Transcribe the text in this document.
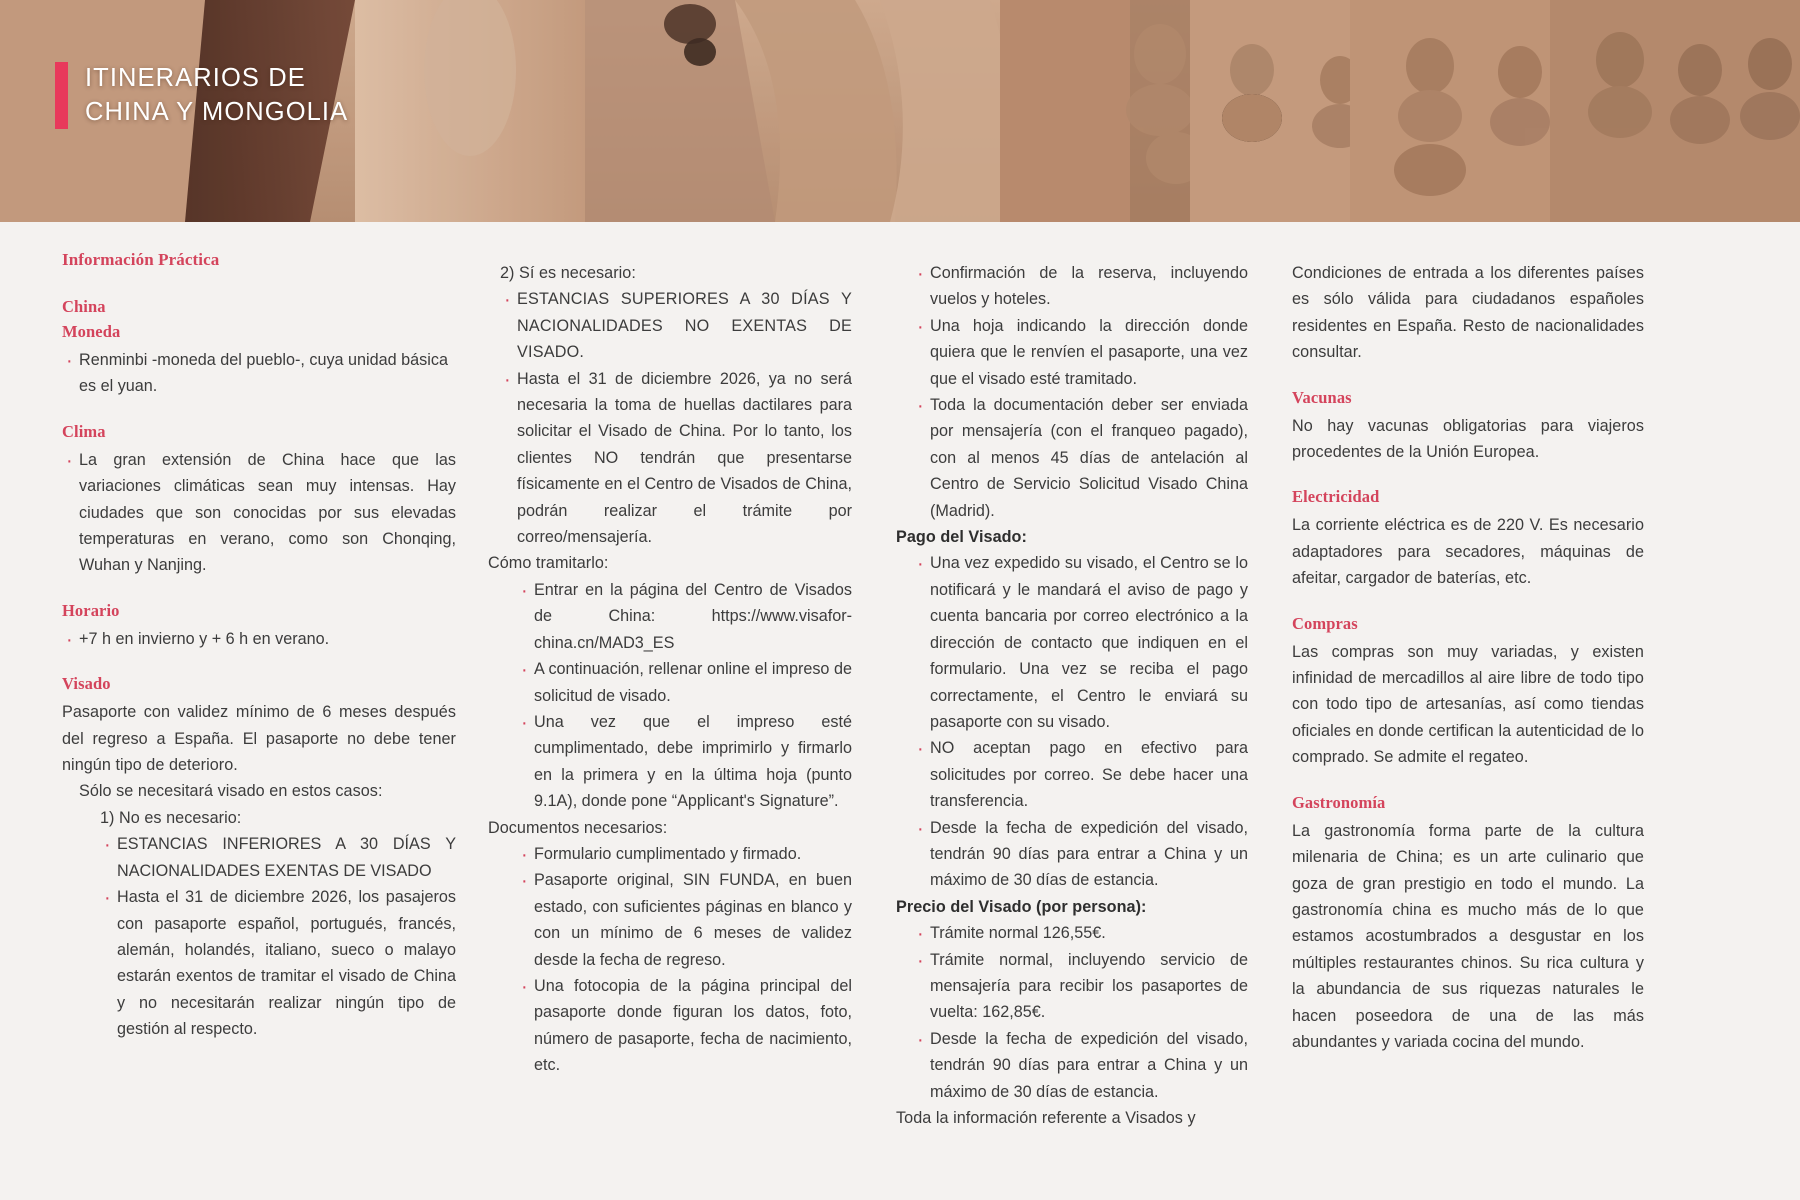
ITINERARIOS DE
CHINA Y MONGOLIA
Información Práctica
China
Moneda
· Renminbi -moneda del pueblo-, cuya unidad básica es el yuan.
Clima
· La gran extensión de China hace que las variaciones climáticas sean muy intensas. Hay ciudades que son conocidas por sus elevadas temperaturas en verano, como son Chonqing, Wuhan y Nanjing.
Horario
· +7 h en invierno y + 6 h en verano.
Visado
Pasaporte con validez mínimo de 6 meses después del regreso a España. El pasaporte no debe tener ningún tipo de deterioro.
Sólo se necesitará visado en estos casos:
1) No es necesario:
· ESTANCIAS INFERIORES A 30 DÍAS Y NACIONALIDADES EXENTAS DE VISADO
· Hasta el 31 de diciembre 2026, los pasajeros con pasaporte español, portugués, francés, alemán, holandés, italiano, sueco o malayo estarán exentos de tramitar el visado de China y no necesitarán realizar ningún tipo de gestión al respecto.
2) Sí es necesario:
· ESTANCIAS SUPERIORES A 30 DÍAS Y NACIONALIDADES NO EXENTAS DE VISADO.
· Hasta el 31 de diciembre 2026, ya no será necesaria la toma de huellas dactilares para solicitar el Visado de China. Por lo tanto, los clientes NO tendrán que presentarse físicamente en el Centro de Visados de China, podrán realizar el trámite por correo/mensajería.
Cómo tramitarlo:
· Entrar en la página del Centro de Visados de China: https://www.visafor-china.cn/MAD3_ES
· A continuación, rellenar online el impreso de solicitud de visado.
· Una vez que el impreso esté cumplimentado, debe imprimirlo y firmarlo en la primera y en la última hoja (punto 9.1A), donde pone “Applicant's Signature”.
Documentos necesarios:
· Formulario cumplimentado y firmado.
· Pasaporte original, SIN FUNDA, en buen estado, con suficientes páginas en blanco y con un mínimo de 6 meses de validez desde la fecha de regreso.
· Una fotocopia de la página principal del pasaporte donde figuran los datos, foto, número de pasaporte, fecha de nacimiento, etc.
· Confirmación de la reserva, incluyendo vuelos y hoteles.
· Una hoja indicando la dirección donde quiera que le renvíen el pasaporte, una vez que el visado esté tramitado.
· Toda la documentación deber ser enviada por mensajería (con el franqueo pagado), con al menos 45 días de antelación al Centro de Servicio Solicitud Visado China (Madrid).
Pago del Visado:
· Una vez expedido su visado, el Centro se lo notificará y le mandará el aviso de pago y cuenta bancaria por correo electrónico a la dirección de contacto que indiquen en el formulario. Una vez se reciba el pago correctamente, el Centro le enviará su pasaporte con su visado.
· NO aceptan pago en efectivo para solicitudes por correo. Se debe hacer una transferencia.
· Desde la fecha de expedición del visado, tendrán 90 días para entrar a China y un máximo de 30 días de estancia.
Precio del Visado (por persona):
· Trámite normal 126,55€.
· Trámite normal, incluyendo servicio de mensajería para recibir los pasaportes de vuelta: 162,85€.
· Desde la fecha de expedición del visado, tendrán 90 días para entrar a China y un máximo de 30 días de estancia.
Toda la información referente a Visados y
Condiciones de entrada a los diferentes países es sólo válida para ciudadanos españoles residentes en España. Resto de nacionalidades consultar.
Vacunas
No hay vacunas obligatorias para viajeros procedentes de la Unión Europea.
Electricidad
La corriente eléctrica es de 220 V. Es necesario adaptadores para secadores, máquinas de afeitar, cargador de baterías, etc.
Compras
Las compras son muy variadas, y existen infinidad de mercadillos al aire libre de todo tipo con todo tipo de artesanías, así como tiendas oficiales en donde certifican la autenticidad de lo comprado. Se admite el regateo.
Gastronomía
La gastronomía forma parte de la cultura milenaria de China; es un arte culinario que goza de gran prestigio en todo el mundo. La gastronomía china es mucho más de lo que estamos acostumbrados a desgustar en los múltiples restaurantes chinos. Su rica cultura y la abundancia de sus riquezas naturales le hacen poseedora de una de las más abundantes y variada cocina del mundo.
